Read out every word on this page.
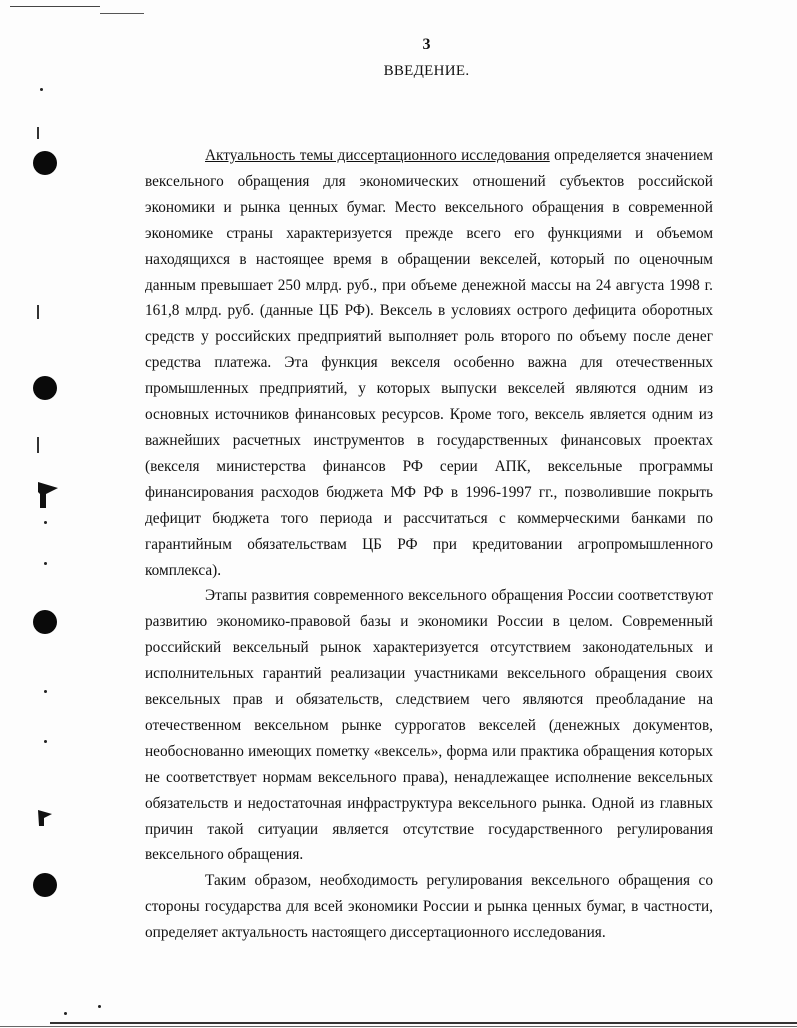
3
ВВЕДЕНИЕ.

Актуальность темы диссертационного исследования определяется значением вексельного обращения для экономических отношений субъектов российской экономики и рынка ценных бумаг. Место вексельного обращения в современной экономике страны характеризуется прежде всего его функциями и объемом находящихся в настоящее время в обращении векселей, который по оценочным данным превышает 250 млрд. руб., при объеме денежной массы на 24 августа 1998 г. 161,8 млрд. руб. (данные ЦБ РФ). Вексель в условиях острого дефицита оборотных средств у российских предприятий выполняет роль второго по объему после денег средства платежа. Эта функция векселя особенно важна для отечественных промышленных предприятий, у которых выпуски векселей являются одним из основных источников финансовых ресурсов. Кроме того, вексель является одним из важнейших расчетных инструментов в государственных финансовых проектах (векселя министерства финансов РФ серии АПК, вексельные программы финансирования расходов бюджета МФ РФ в 1996-1997 гг., позволившие покрыть дефицит бюджета того периода и рассчитаться с коммерческими банками по гарантийным обязательствам ЦБ РФ при кредитовании агропромышленного комплекса).

Этапы развития современного вексельного обращения России соответствуют развитию экономико-правовой базы и экономики России в целом. Современный российский вексельный рынок характеризуется отсутствием законодательных и исполнительных гарантий реализации участниками вексельного обращения своих вексельных прав и обязательств, следствием чего являются преобладание на отечественном вексельном рынке суррогатов векселей (денежных документов, необоснованно имеющих пометку «вексель», форма или практика обращения которых не соответствует нормам вексельного права), ненадлежащее исполнение вексельных обязательств и недостаточная инфраструктура вексельного рынка. Одной из главных причин такой ситуации является отсутствие государственного регулирования вексельного обращения.

Таким образом, необходимость регулирования вексельного обращения со стороны государства для всей экономики России и рынка ценных бумаг, в частности, определяет актуальность настоящего диссертационного исследования.
